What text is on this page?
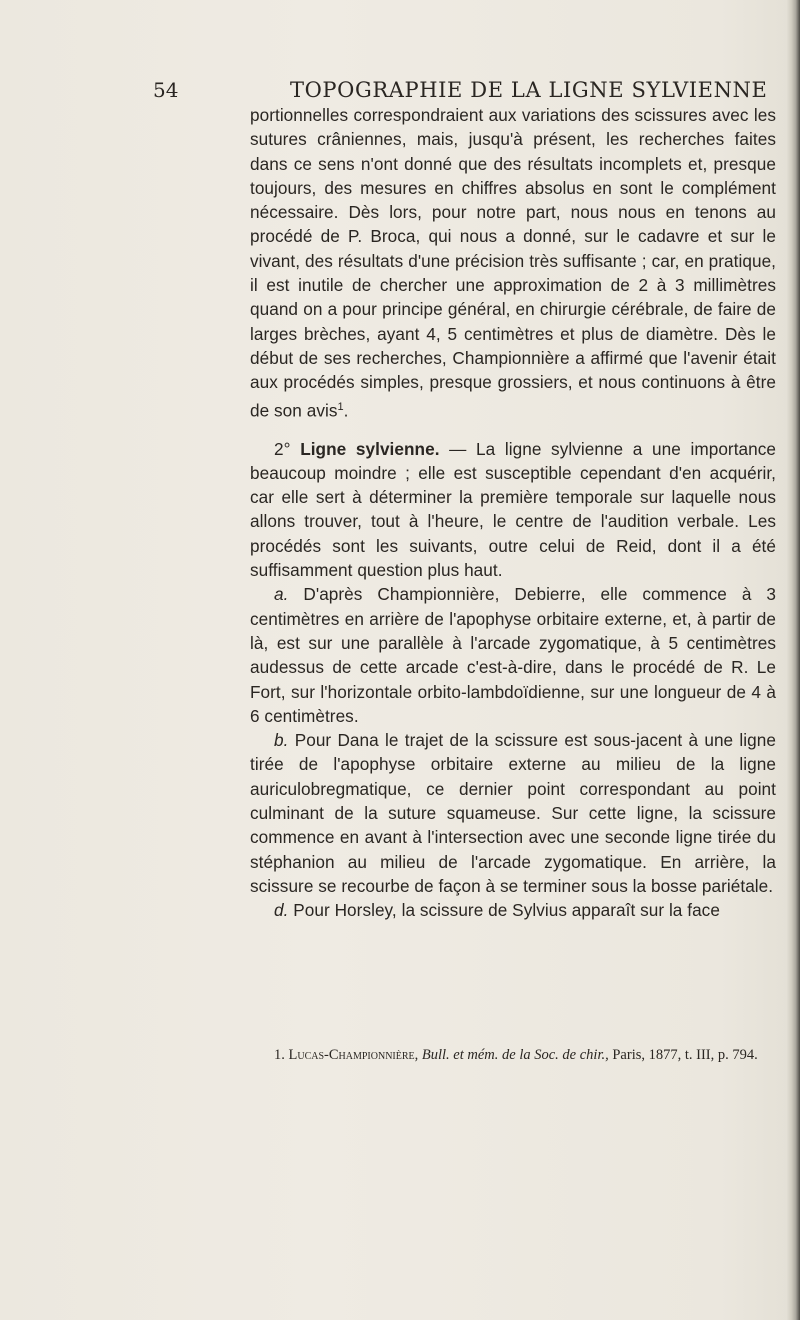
54	TOPOGRAPHIE DE LA LIGNE SYLVIENNE

portionnelles correspondraient aux variations des scissures avec les sutures crâniennes, mais, jusqu'à présent, les recherches faites dans ce sens n'ont donné que des résultats incomplets et, presque toujours, des mesures en chiffres absolus en sont le complément nécessaire. Dès lors, pour notre part, nous nous en tenons au procédé de P. Broca, qui nous a donné, sur le cadavre et sur le vivant, des résultats d'une précision très suffisante ; car, en pratique, il est inutile de chercher une approximation de 2 à 3 millimètres quand on a pour principe général, en chirurgie cérébrale, de faire de larges brèches, ayant 4, 5 centimètres et plus de diamètre. Dès le début de ses recherches, Championnière a affirmé que l'avenir était aux procédés simples, presque grossiers, et nous continuons à être de son avis$^1$.

2° Ligne sylvienne. — La ligne sylvienne a une importance beaucoup moindre ; elle est susceptible cependant d'en acquérir, car elle sert à déterminer la première temporale sur laquelle nous allons trouver, tout à l'heure, le centre de l'audition verbale. Les procédés sont les suivants, outre celui de Reid, dont il a été suffisamment question plus haut.

a. D'après Championnière, Debierre, elle commence à 3 centimètres en arrière de l'apophyse orbitaire externe, et, à partir de là, est sur une parallèle à l'arcade zygomatique, à 5 centimètres audessus de cette arcade c'est-à-dire, dans le procédé de R. Le Fort, sur l'horizontale orbito-lambdoïdienne, sur une longueur de 4 à 6 centimètres.

b. Pour Dana le trajet de la scissure est sous-jacent à une ligne tirée de l'apophyse orbitaire externe au milieu de la ligne auriculobregmatique, ce dernier point correspondant au point culminant de la suture squameuse. Sur cette ligne, la scissure commence en avant à l'intersection avec une seconde ligne tirée du stéphanion au milieu de l'arcade zygomatique. En arrière, la scissure se recourbe de façon à se terminer sous la bosse pariétale.

d. Pour Horsley, la scissure de Sylvius apparaît sur la face

1. Lucas-Championnière, Bull. et mém. de la Soc. de chir., Paris, 1877, t. III, p. 794.
